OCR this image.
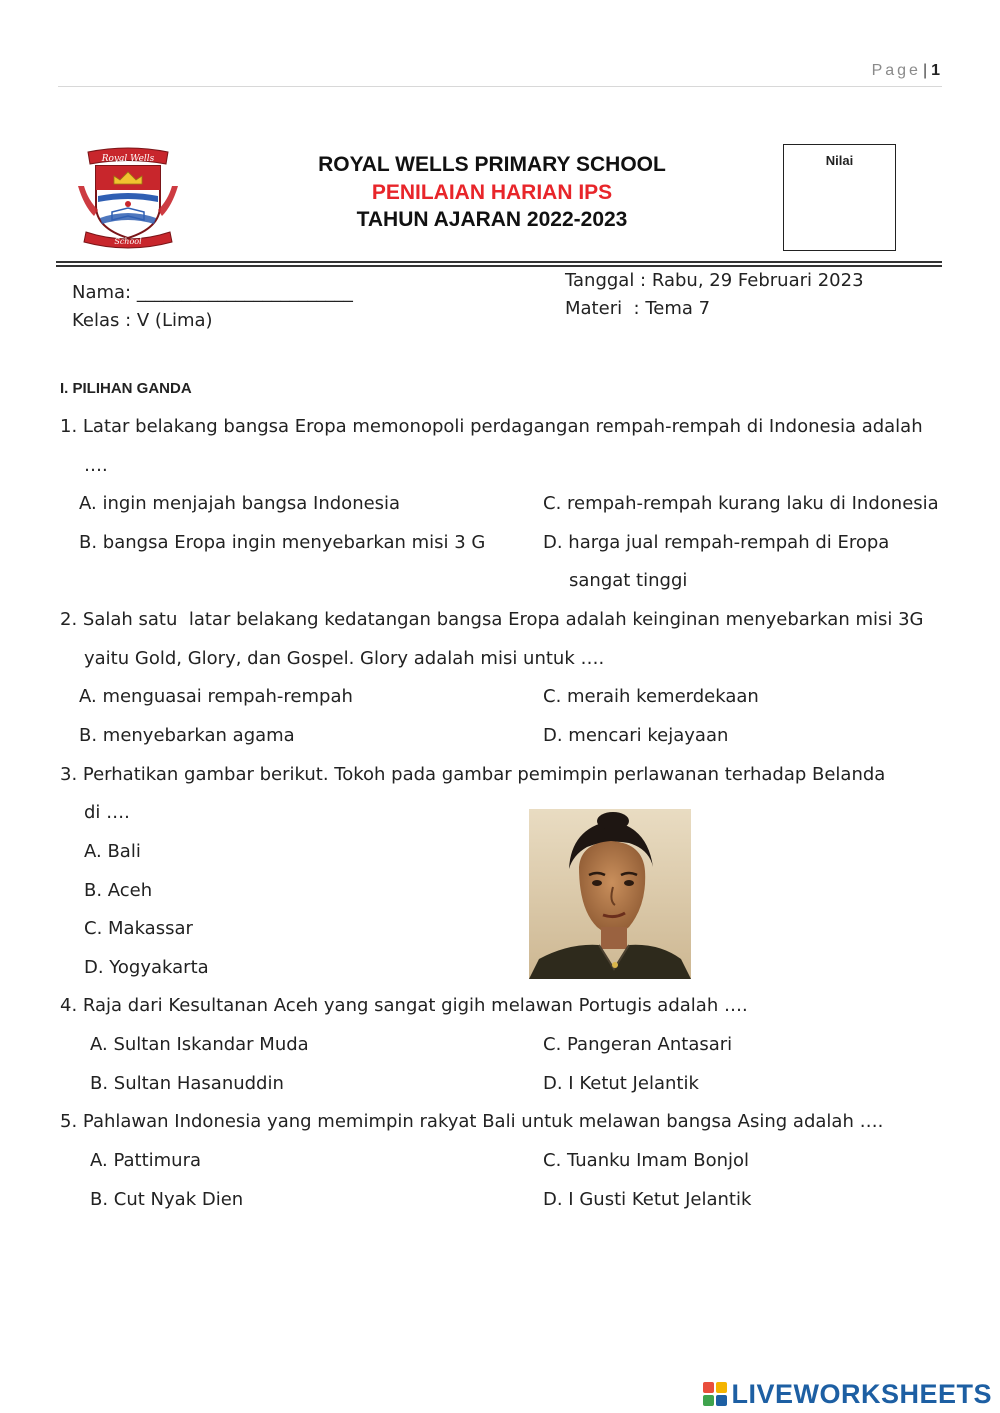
Page | 1
Royal Wells
School
ROYAL WELLS PRIMARY SCHOOL
PENILAIAN HARIAN IPS
TAHUN AJARAN 2022-2023
Nilai
Nama: ________________________
Kelas : V (Lima)
Tanggal : Rabu, 29 Februari 2023
Materi  : Tema 7
I. PILIHAN GANDA
1. Latar belakang bangsa Eropa memonopoli perdagangan rempah-rempah di Indonesia adalah
….
A. ingin menjajah bangsa Indonesia
B. bangsa Eropa ingin menyebarkan misi 3 G
C. rempah-rempah kurang laku di Indonesia
D. harga jual rempah-rempah di Eropa
sangat tinggi
2. Salah satu  latar belakang kedatangan bangsa Eropa adalah keinginan menyebarkan misi 3G
yaitu Gold, Glory, dan Gospel. Glory adalah misi untuk ….
A. menguasai rempah-rempah
B. menyebarkan agama
C. meraih kemerdekaan
D. mencari kejayaan
3. Perhatikan gambar berikut. Tokoh pada gambar pemimpin perlawanan terhadap Belanda
di ….
A. Bali
B. Aceh
C. Makassar
D. Yogyakarta
4. Raja dari Kesultanan Aceh yang sangat gigih melawan Portugis adalah ….
A. Sultan Iskandar Muda
B. Sultan Hasanuddin
C. Pangeran Antasari
D. I Ketut Jelantik
5. Pahlawan Indonesia yang memimpin rakyat Bali untuk melawan bangsa Asing adalah ….
A. Pattimura
B. Cut Nyak Dien
C. Tuanku Imam Bonjol
D. I Gusti Ketut Jelantik
LIVEWORKSHEETS
